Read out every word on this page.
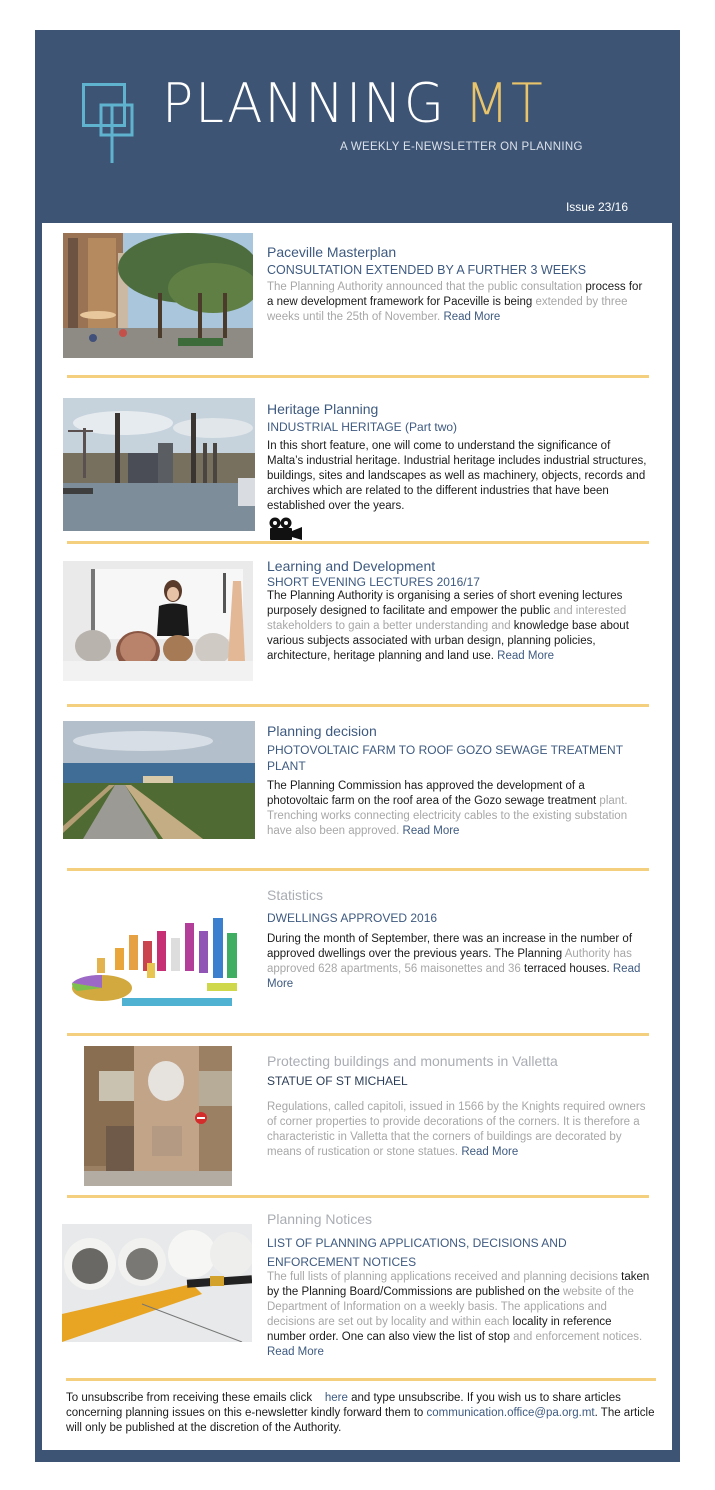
PLANNING MT
A WEEKLY E-NEWSLETTER ON PLANNING
Issue 23/16
Paceville Masterplan
CONSULTATION EXTENDED BY A FURTHER 3 WEEKS
The Planning Authority announced that the public consultation process for a new development framework for Paceville is being extended by three weeks until the 25th of November. Read More
Heritage Planning
INDUSTRIAL HERITAGE (Part two)
In this short feature, one will come to understand the significance of Malta’s industrial heritage. Industrial heritage includes industrial structures, buildings, sites and landscapes as well as machinery, objects, records and archives which are related to the different industries that have been established over the years.
Learning and Development
SHORT EVENING LECTURES 2016/17
The Planning Authority is organising a series of short evening lectures purposely designed to facilitate and empower the public and interested stakeholders to gain a better understanding and knowledge base about various subjects associated with urban design, planning policies, architecture, heritage planning and land use. Read More
Planning decision
PHOTOVOLTAIC FARM TO ROOF GOZO SEWAGE TREATMENT PLANT
The Planning Commission has approved the development of a photovoltaic farm on the roof area of the Gozo sewage treatment plant. Trenching works connecting electricity cables to the existing substation have also been approved. Read More
Statistics
DWELLINGS APPROVED 2016
During the month of September, there was an increase in the number of approved dwellings over the previous years. The Planning Authority has approved 628 apartments, 56 maisonettes and 36 terraced houses. Read More
Protecting buildings and monuments in Valletta
STATUE OF ST MICHAEL
Regulations, called capitoli, issued in 1566 by the Knights required owners of corner properties to provide decorations of the corners. It is therefore a characteristic in Valletta that the corners of buildings are decorated by means of rustication or stone statues. Read More
Planning Notices
LIST OF PLANNING APPLICATIONS, DECISIONS AND ENFORCEMENT NOTICES
The full lists of planning applications received and planning decisions taken by the Planning Board/Commissions are published on the website of the Department of Information on a weekly basis. The applications and decisions are set out by locality and within each locality in reference number order. One can also view the list of stop and enforcement notices. Read More
To unsubscribe from receiving these emails click    here and type unsubscribe. If you wish us to share articles concerning planning issues on this e-newsletter kindly forward them to communication.office@pa.org.mt. The article will only be published at the discretion of the Authority.
